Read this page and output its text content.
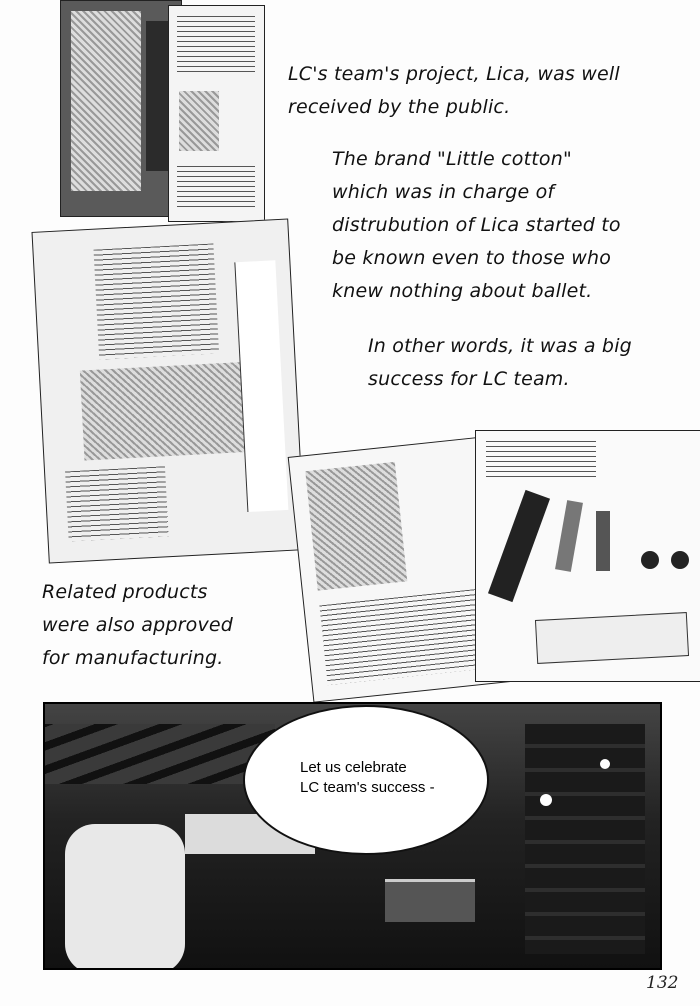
LC's team's project, Lica, was well
received by the public.
The brand "Little cotton"
which was in charge of
distrubution of Lica started to
be known even to those who
knew nothing about ballet.
In other words, it was a big
success for LC team.
Related products
were also approved
for manufacturing.
Let us celebrate
LC team's success -
132
